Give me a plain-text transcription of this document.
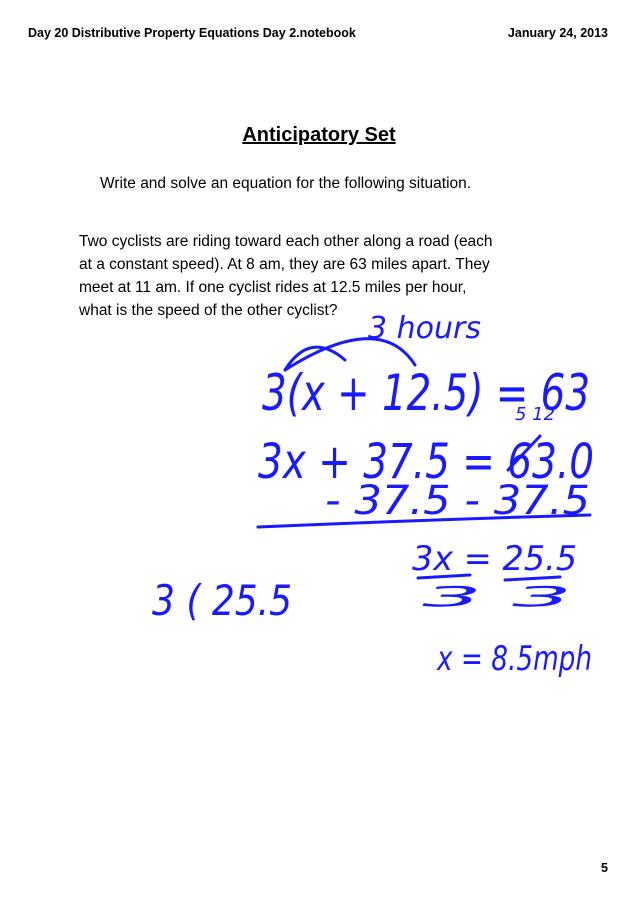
Day 20 Distributive Property Equations Day 2.notebook	January 24, 2013
Anticipatory Set
Write and solve an equation for the following situation.
Two cyclists are riding toward each other along a road (each
at a constant speed). At 8 am, they are 63 miles apart. They
meet at 11 am. If one cyclist rides at 12.5 miles per hour,
what is the speed of the other cyclist?
3 hours
3(x + 12.5) = 63
5 12
3x + 37.5 = 63.0
- 37.5 - 37.5
3x = 25.5
3 3
3 ( 25.5
x = 8.5mph
5
